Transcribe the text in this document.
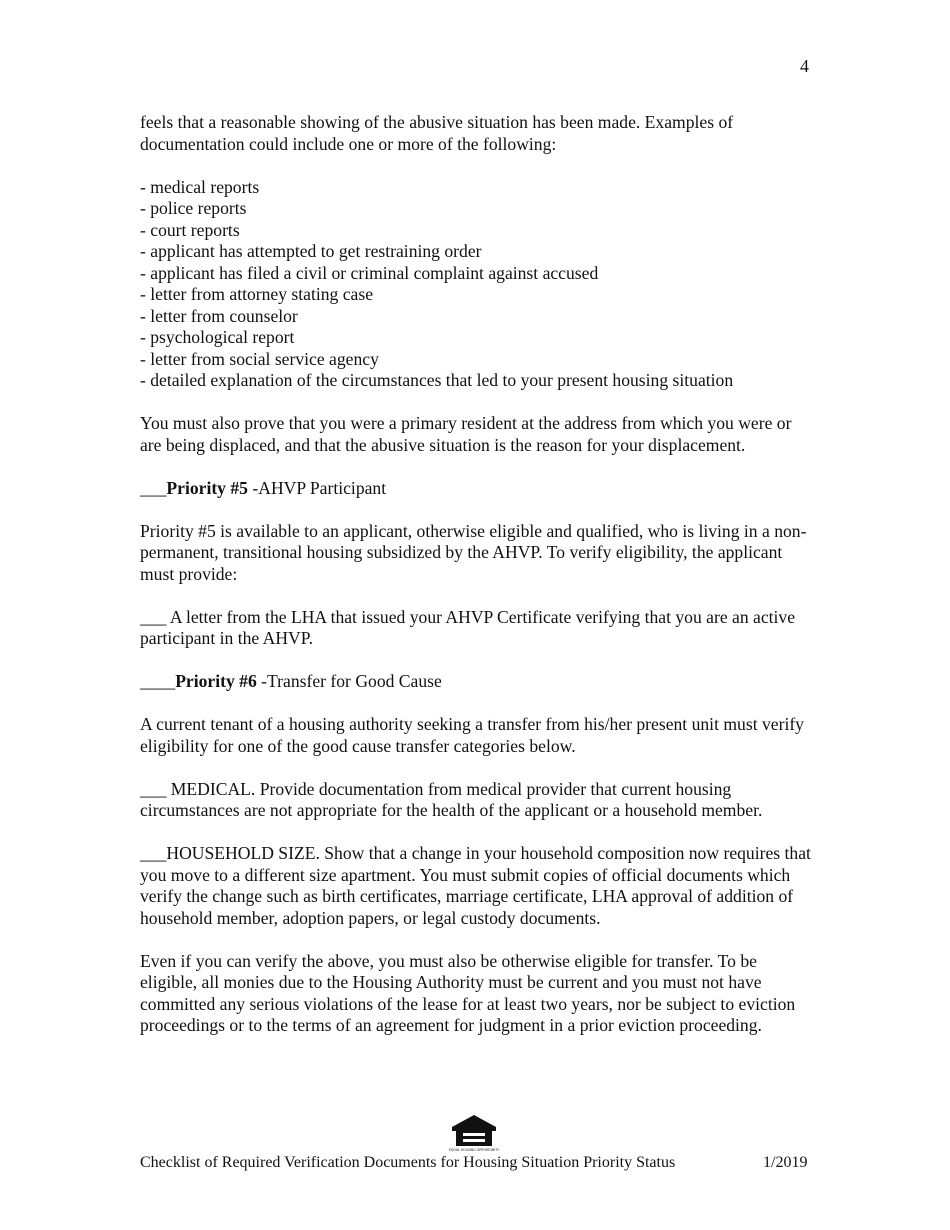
4

feels that a reasonable showing of the abusive situation has been made. Examples of documentation could include one or more of the following:

- medical reports
- police reports
- court reports
- applicant has attempted to get restraining order
- applicant has filed a civil or criminal complaint against accused
- letter from attorney stating case
- letter from counselor
- psychological report
- letter from social service agency
- detailed explanation of the circumstances that led to your present housing situation

You must also prove that you were a primary resident at the address from which you were or are being displaced, and that the abusive situation is the reason for your displacement.

___Priority #5 -AHVP Participant

Priority #5 is available to an applicant, otherwise eligible and qualified, who is living in a non-permanent, transitional housing subsidized by the AHVP. To verify eligibility, the applicant must provide:

___ A letter from the LHA that issued your AHVP Certificate verifying that you are an active participant in the AHVP.

____Priority #6 -Transfer for Good Cause

A current tenant of a housing authority seeking a transfer from his/her present unit must verify eligibility for one of the good cause transfer categories below.

___ MEDICAL. Provide documentation from medical provider that current housing circumstances are not appropriate for the health of the applicant or a household member.

___HOUSEHOLD SIZE. Show that a change in your household composition now requires that you move to a different size apartment. You must submit copies of official documents which verify the change such as birth certificates, marriage certificate, LHA approval of addition of household member, adoption papers, or legal custody documents.

Even if you can verify the above, you must also be otherwise eligible for transfer. To be eligible, all monies due to the Housing Authority must be current and you must not have committed any serious violations of the lease for at least two years, nor be subject to eviction proceedings or to the terms of an agreement for judgment in a prior eviction proceeding.

EQUAL HOUSING OPPORTUNITY
Checklist of Required Verification Documents for Housing Situation Priority Status	1/2019
